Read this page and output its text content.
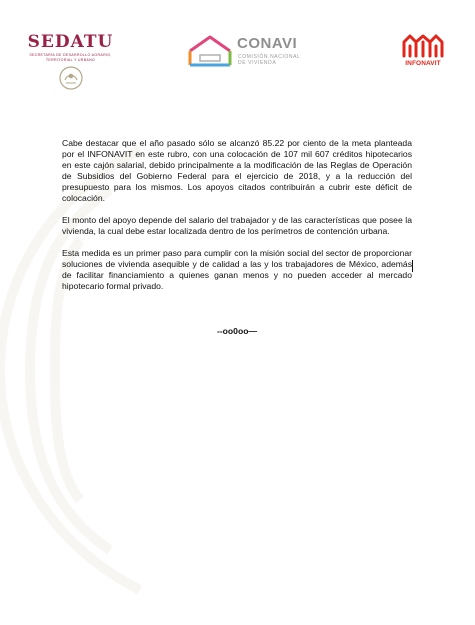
SEDATU
SECRETARÍA DE DESARROLLO AGRARIO, TERRITORIAL Y URBANO
CONAVI
COMISIÓN NACIONAL DE VIVIENDA	INFONAVIT

Cabe destacar que el año pasado sólo se alcanzó 85.22 por ciento de la meta planteada por el INFONAVIT en este rubro, con una colocación de 107 mil 607 créditos hipotecarios en este cajón salarial, debido principalmente a la modificación de las Reglas de Operación de Subsidios del Gobierno Federal para el ejercicio de 2018, y a la reducción del presupuesto para los mismos. Los apoyos citados contribuirán a cubrir este déficit de colocación.

El monto del apoyo depende del salario del trabajador y de las características que posee la vivienda, la cual debe estar localizada dentro de los perímetros de contención urbana.

Esta medida es un primer paso para cumplir con la misión social del sector de proporcionar soluciones de vivienda asequible y de calidad a las y los trabajadores de México, además de facilitar financiamiento a quienes ganan menos y no pueden acceder al mercado hipotecario formal privado.

--oo0oo—
